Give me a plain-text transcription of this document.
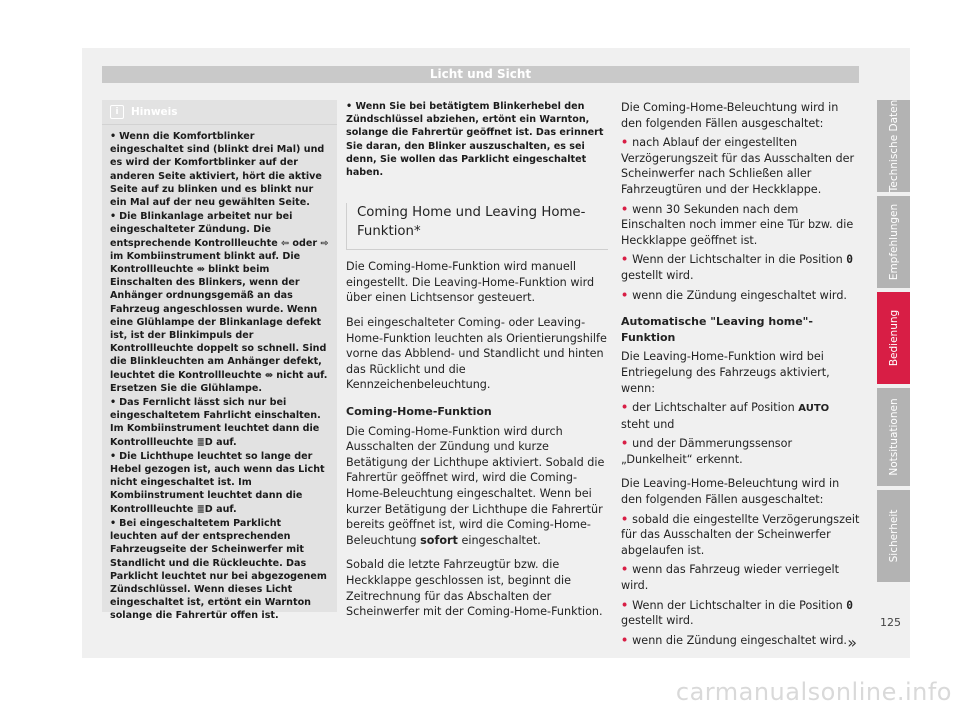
Licht und Sicht
i	Hinweis
• Wenn die Komfortblinker eingeschaltet sind (blinkt drei Mal) und es wird der Komfortblinker auf der anderen Seite aktiviert, hört die aktive Seite auf zu blinken und es blinkt nur ein Mal auf der neu gewählten Seite.
• Die Blinkanlage arbeitet nur bei eingeschalteter Zündung. Die entsprechende Kontrollleuchte ⇦ oder ⇨ im Kombiinstrument blinkt auf. Die Kontrollleuchte ⇎ blinkt beim Einschalten des Blinkers, wenn der Anhänger ordnungsgemäß an das Fahrzeug angeschlossen wurde. Wenn eine Glühlampe der Blinkanlage defekt ist, ist der Blinkimpuls der Kontrollleuchte doppelt so schnell. Sind die Blinkleuchten am Anhänger defekt, leuchtet die Kontrollleuchte ⇎ nicht auf. Ersetzen Sie die Glühlampe.
• Das Fernlicht lässt sich nur bei eingeschaltetem Fahrlicht einschalten. Im Kombiinstrument leuchtet dann die Kontrollleuchte ≣D auf.
• Die Lichthupe leuchtet so lange der Hebel gezogen ist, auch wenn das Licht nicht eingeschaltet ist. Im Kombiinstrument leuchtet dann die Kontrollleuchte ≣D auf.
• Bei eingeschaltetem Parklicht leuchten auf der entsprechenden Fahrzeugseite der Scheinwerfer mit Standlicht und die Rückleuchte. Das Parklicht leuchtet nur bei abgezogenem Zündschlüssel. Wenn dieses Licht eingeschaltet ist, ertönt ein Warnton solange die Fahrertür offen ist.
• Wenn Sie bei betätigtem Blinkerhebel den Zündschlüssel abziehen, ertönt ein Warnton, solange die Fahrertür geöffnet ist. Das erinnert Sie daran, den Blinker auszuschalten, es sei denn, Sie wollen das Parklicht eingeschaltet haben.
Coming Home und Leaving Home-Funktion*

Die Coming-Home-Funktion wird manuell eingestellt. Die Leaving-Home-Funktion wird über einen Lichtsensor gesteuert.

Bei eingeschalteter Coming- oder Leaving-Home-Funktion leuchten als Orientierungshilfe vorne das Abblend- und Standlicht und hinten das Rücklicht und die Kennzeichenbeleuchtung.

Coming-Home-Funktion

Die Coming-Home-Funktion wird durch Ausschalten der Zündung und kurze Betätigung der Lichthupe aktiviert. Sobald die Fahrertür geöffnet wird, wird die Coming-Home-Beleuchtung eingeschaltet. Wenn bei kurzer Betätigung der Lichthupe die Fahrertür bereits geöffnet ist, wird die Coming-Home-Beleuchtung sofort eingeschaltet.

Sobald die letzte Fahrzeugtür bzw. die Heckklappe geschlossen ist, beginnt die Zeitrechnung für das Abschalten der Scheinwerfer mit der Coming-Home-Funktion.

Die Coming-Home-Beleuchtung wird in den folgenden Fällen ausgeschaltet:

• nach Ablauf der eingestellten Verzögerungszeit für das Ausschalten der Scheinwerfer nach Schließen aller Fahrzeugtüren und der Heckklappe.

• wenn 30 Sekunden nach dem Einschalten noch immer eine Tür bzw. die Heckklappe geöffnet ist.

• Wenn der Lichtschalter in die Position 0 gestellt wird.

• wenn die Zündung eingeschaltet wird.

Automatische "Leaving home"-Funktion

Die Leaving-Home-Funktion wird bei Entriegelung des Fahrzeugs aktiviert, wenn:

• der Lichtschalter auf Position AUTO steht und

• und der Dämmerungssensor „Dunkelheit“ erkennt.

Die Leaving-Home-Beleuchtung wird in den folgenden Fällen ausgeschaltet:

• sobald die eingestellte Verzögerungszeit für das Ausschalten der Scheinwerfer abgelaufen ist.

• wenn das Fahrzeug wieder verriegelt wird.

• Wenn der Lichtschalter in die Position 0 gestellt wird.

• wenn die Zündung eingeschaltet wird. »

Technische Daten
Empfehlungen
Bedienung
Notsituationen
Sicherheit
125
carmanualsonline.info
